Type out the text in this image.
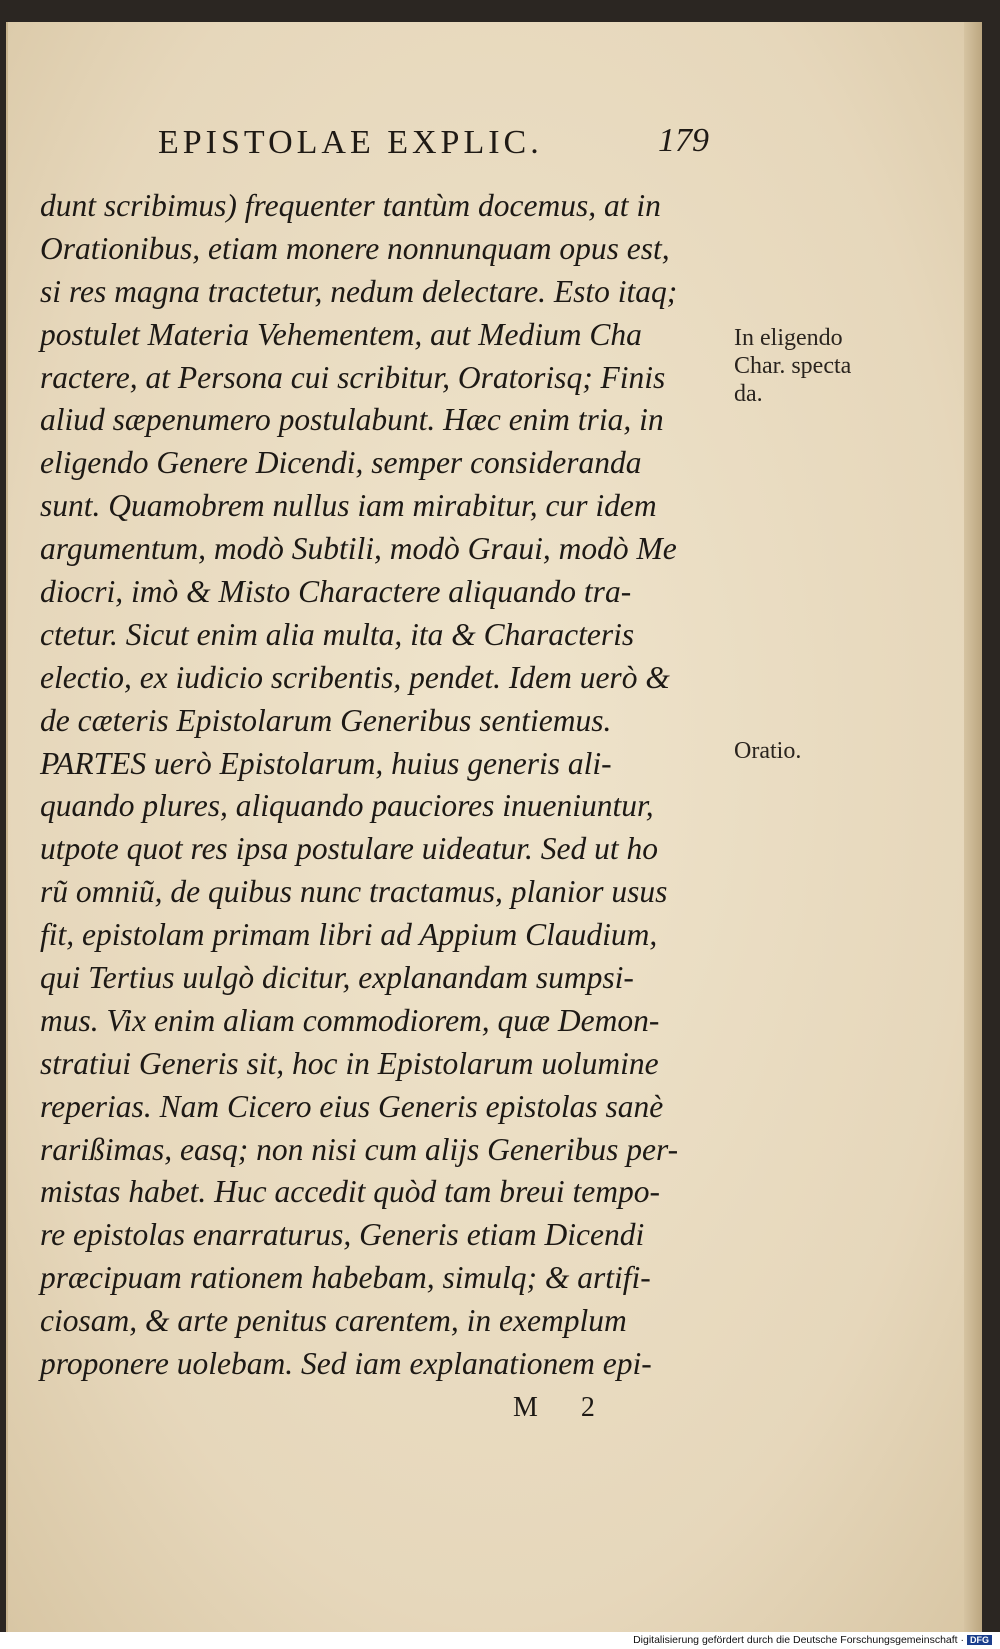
EPISTOLAE EXPLIC.	179
dunt scribimus) frequenter tantùm docemus, at in
Orationibus, etiam monere nonnunquam opus est,
si res magna tractetur, nedum delectare. Esto itaq;
postulet Materia Vehementem, aut Medium Cha
ractere, at Persona cui scribitur, Oratorisq; Finis
aliud sæpenumero postulabunt. Hæc enim tria, in
eligendo Genere Dicendi, semper consideranda
sunt. Quamobrem nullus iam mirabitur, cur idem
argumentum, modò Subtili, modò Graui, modò Me
diocri, imò & Misto Charactere aliquando tra-
ctetur. Sicut enim alia multa, ita & Characteris
electio, ex iudicio scribentis, pendet. Idem uerò &
de cæteris Epistolarum Generibus sentiemus.
PARTES uerò Epistolarum, huius generis ali-
quando plures, aliquando pauciores inueniuntur,
utpote quot res ipsa postulare uideatur. Sed ut ho
rũ omniũ, de quibus nunc tractamus, planior usus
fit, epistolam primam libri ad Appium Claudium,
qui Tertius uulgò dicitur, explanandam sumpsi-
mus. Vix enim aliam commodiorem, quæ Demon-
stratiui Generis sit, hoc in Epistolarum uolumine
reperias. Nam Cicero eius Generis epistolas sanè
rarißimas, easq; non nisi cum alijs Generibus per-
mistas habet. Huc accedit quòd tam breui tempo-
re epistolas enarraturus, Generis etiam Dicendi
præcipuam rationem habebam, simulq; & artifi-
ciosam, & arte penitus carentem, in exemplum
proponere uolebam. Sed iam explanationem epi-
In eligendo
Char. specta
da.
Oratio.
M 2
Digitalisierung gefördert durch die Deutsche Forschungsgemeinschaft · DFG
